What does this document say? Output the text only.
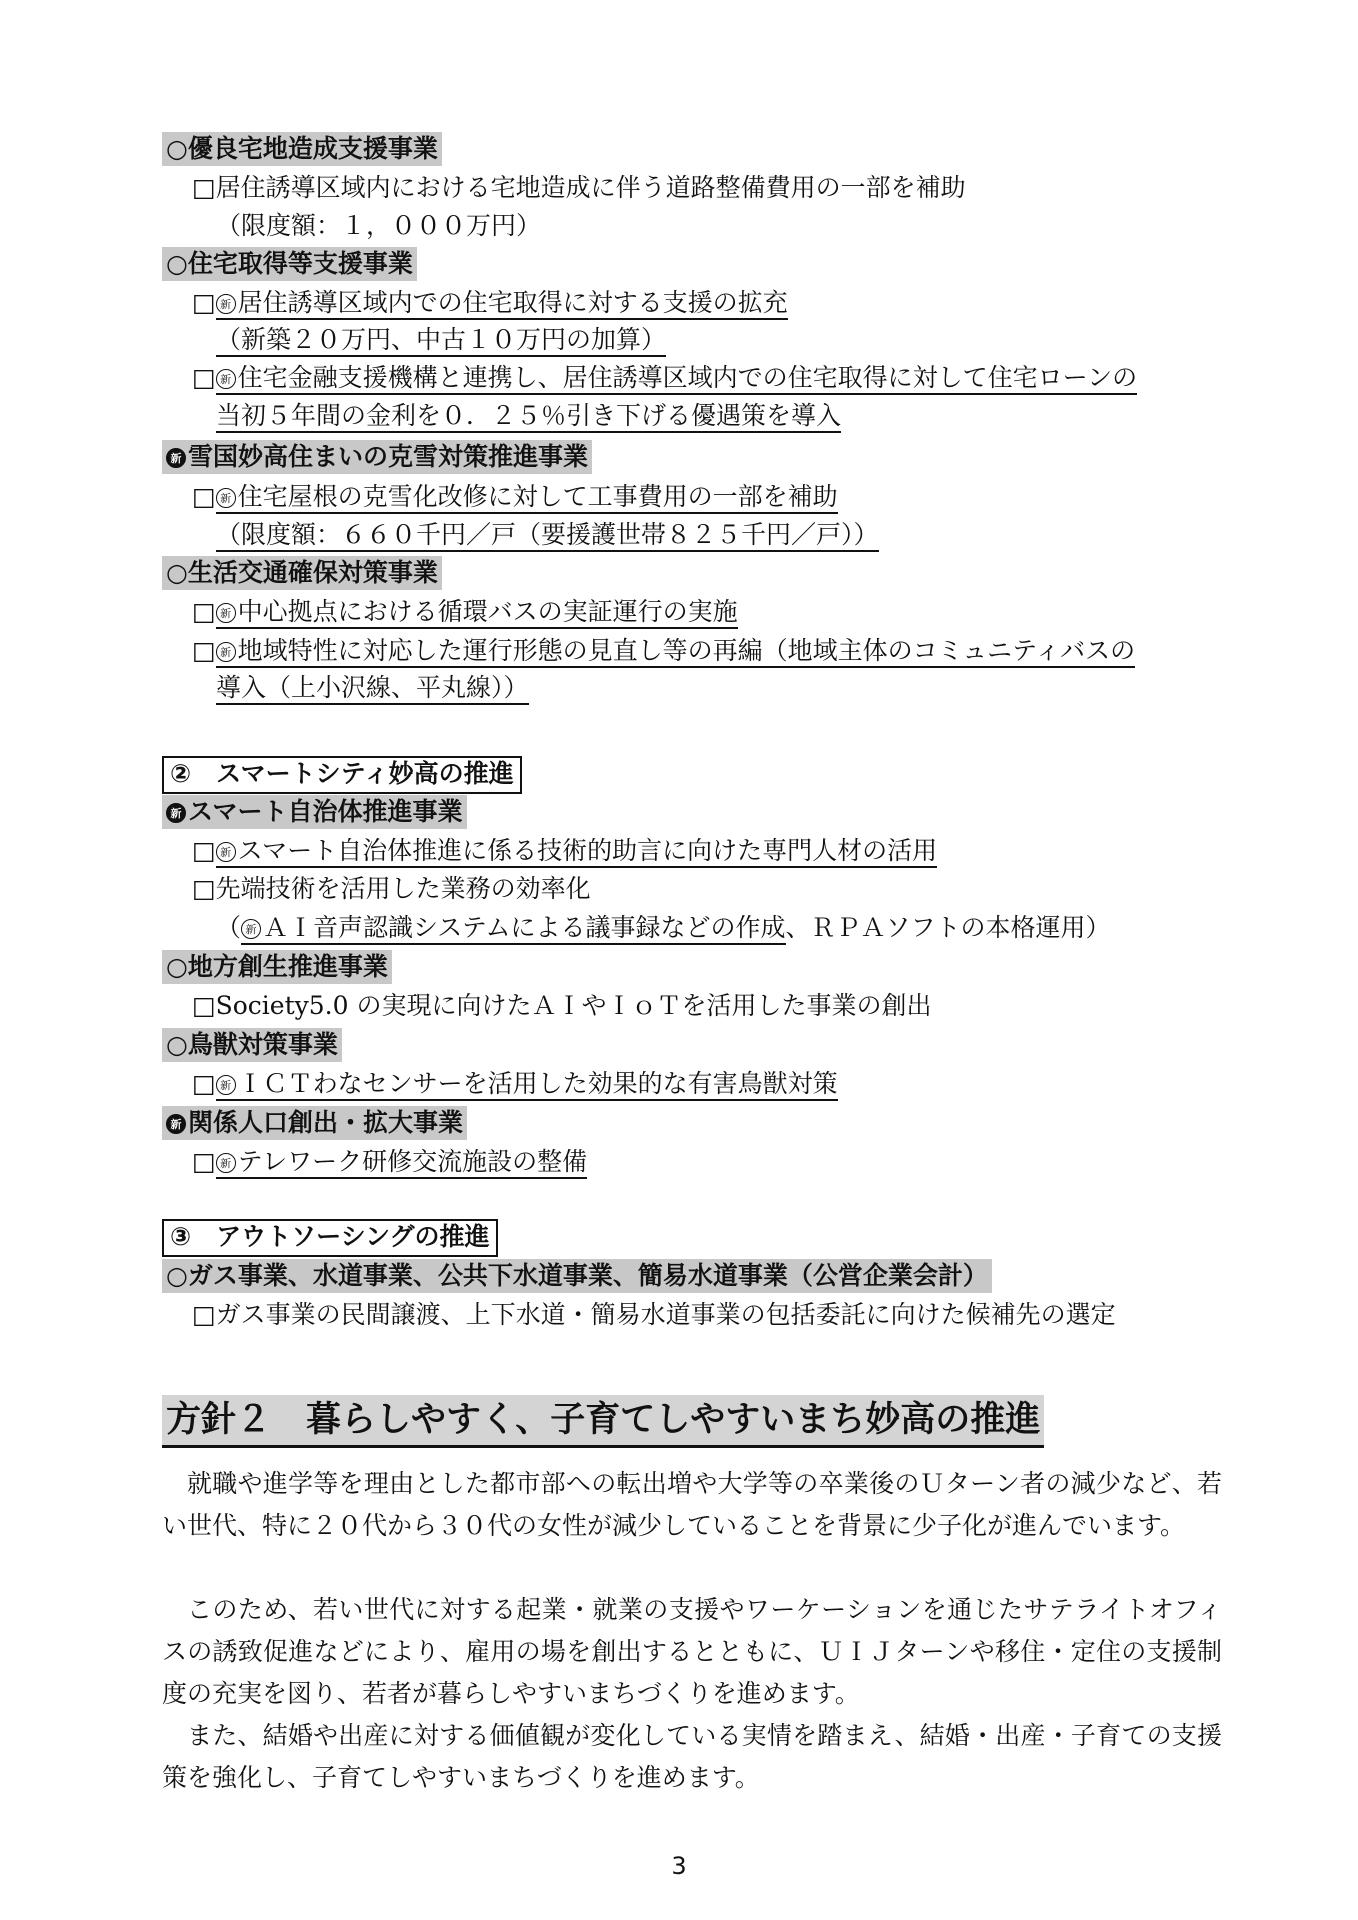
○優良宅地造成支援事業
□居住誘導区域内における宅地造成に伴う道路整備費用の一部を補助
（限度額：１，０００万円）
○住宅取得等支援事業
□ 新 居住誘導区域内での住宅取得に対する支援の拡充
（新築２０万円、中古１０万円の加算）
□ 新 住宅金融支援機構と連携し、居住誘導区域内での住宅取得に対して住宅ローンの
当初５年間の金利を０．２５％引き下げる優遇策を導入
新 雪国妙高住まいの克雪対策推進事業
□ 新 住宅屋根の克雪化改修に対して工事費用の一部を補助
（限度額：６６０千円／戸（要援護世帯８２５千円／戸））
○生活交通確保対策事業
□ 新 中心拠点における循環バスの実証運行の実施
□ 新 地域特性に対応した運行形態の見直し等の再編（地域主体のコミュニティバスの
導入（上小沢線、平丸線））
②　スマートシティ妙高の推進
新 スマート自治体推進事業
□ 新 スマート自治体推進に係る技術的助言に向けた専門人材の活用
□先端技術を活用した業務の効率化
（ 新 ＡＩ音声認識システムによる議事録などの作成、ＲＰＡソフトの本格運用）
○地方創生推進事業
□Society5.0 の実現に向けたＡＩやＩｏＴを活用した事業の創出
○鳥獣対策事業
□ 新 ＩＣＴわなセンサーを活用した効果的な有害鳥獣対策
新 関係人口創出・拡大事業
□ 新 テレワーク研修交流施設の整備
③　アウトソーシングの推進
○ガス事業、水道事業、公共下水道事業、簡易水道事業（公営企業会計）
□ガス事業の民間譲渡、上下水道・簡易水道事業の包括委託に向けた候補先の選定
方針２　暮らしやすく、子育てしやすいまち妙高の推進
就職や進学等を理由とした都市部への転出増や大学等の卒業後のＵターン者の減少など、若い世代、特に２０代から３０代の女性が減少していることを背景に少子化が進んでいます。
このため、若い世代に対する起業・就業の支援やワーケーションを通じたサテライトオフィスの誘致促進などにより、雇用の場を創出するとともに、ＵＩＪターンや移住・定住の支援制度の充実を図り、若者が暮らしやすいまちづくりを進めます。
また、結婚や出産に対する価値観が変化している実情を踏まえ、結婚・出産・子育ての支援策を強化し、子育てしやすいまちづくりを進めます。
3
